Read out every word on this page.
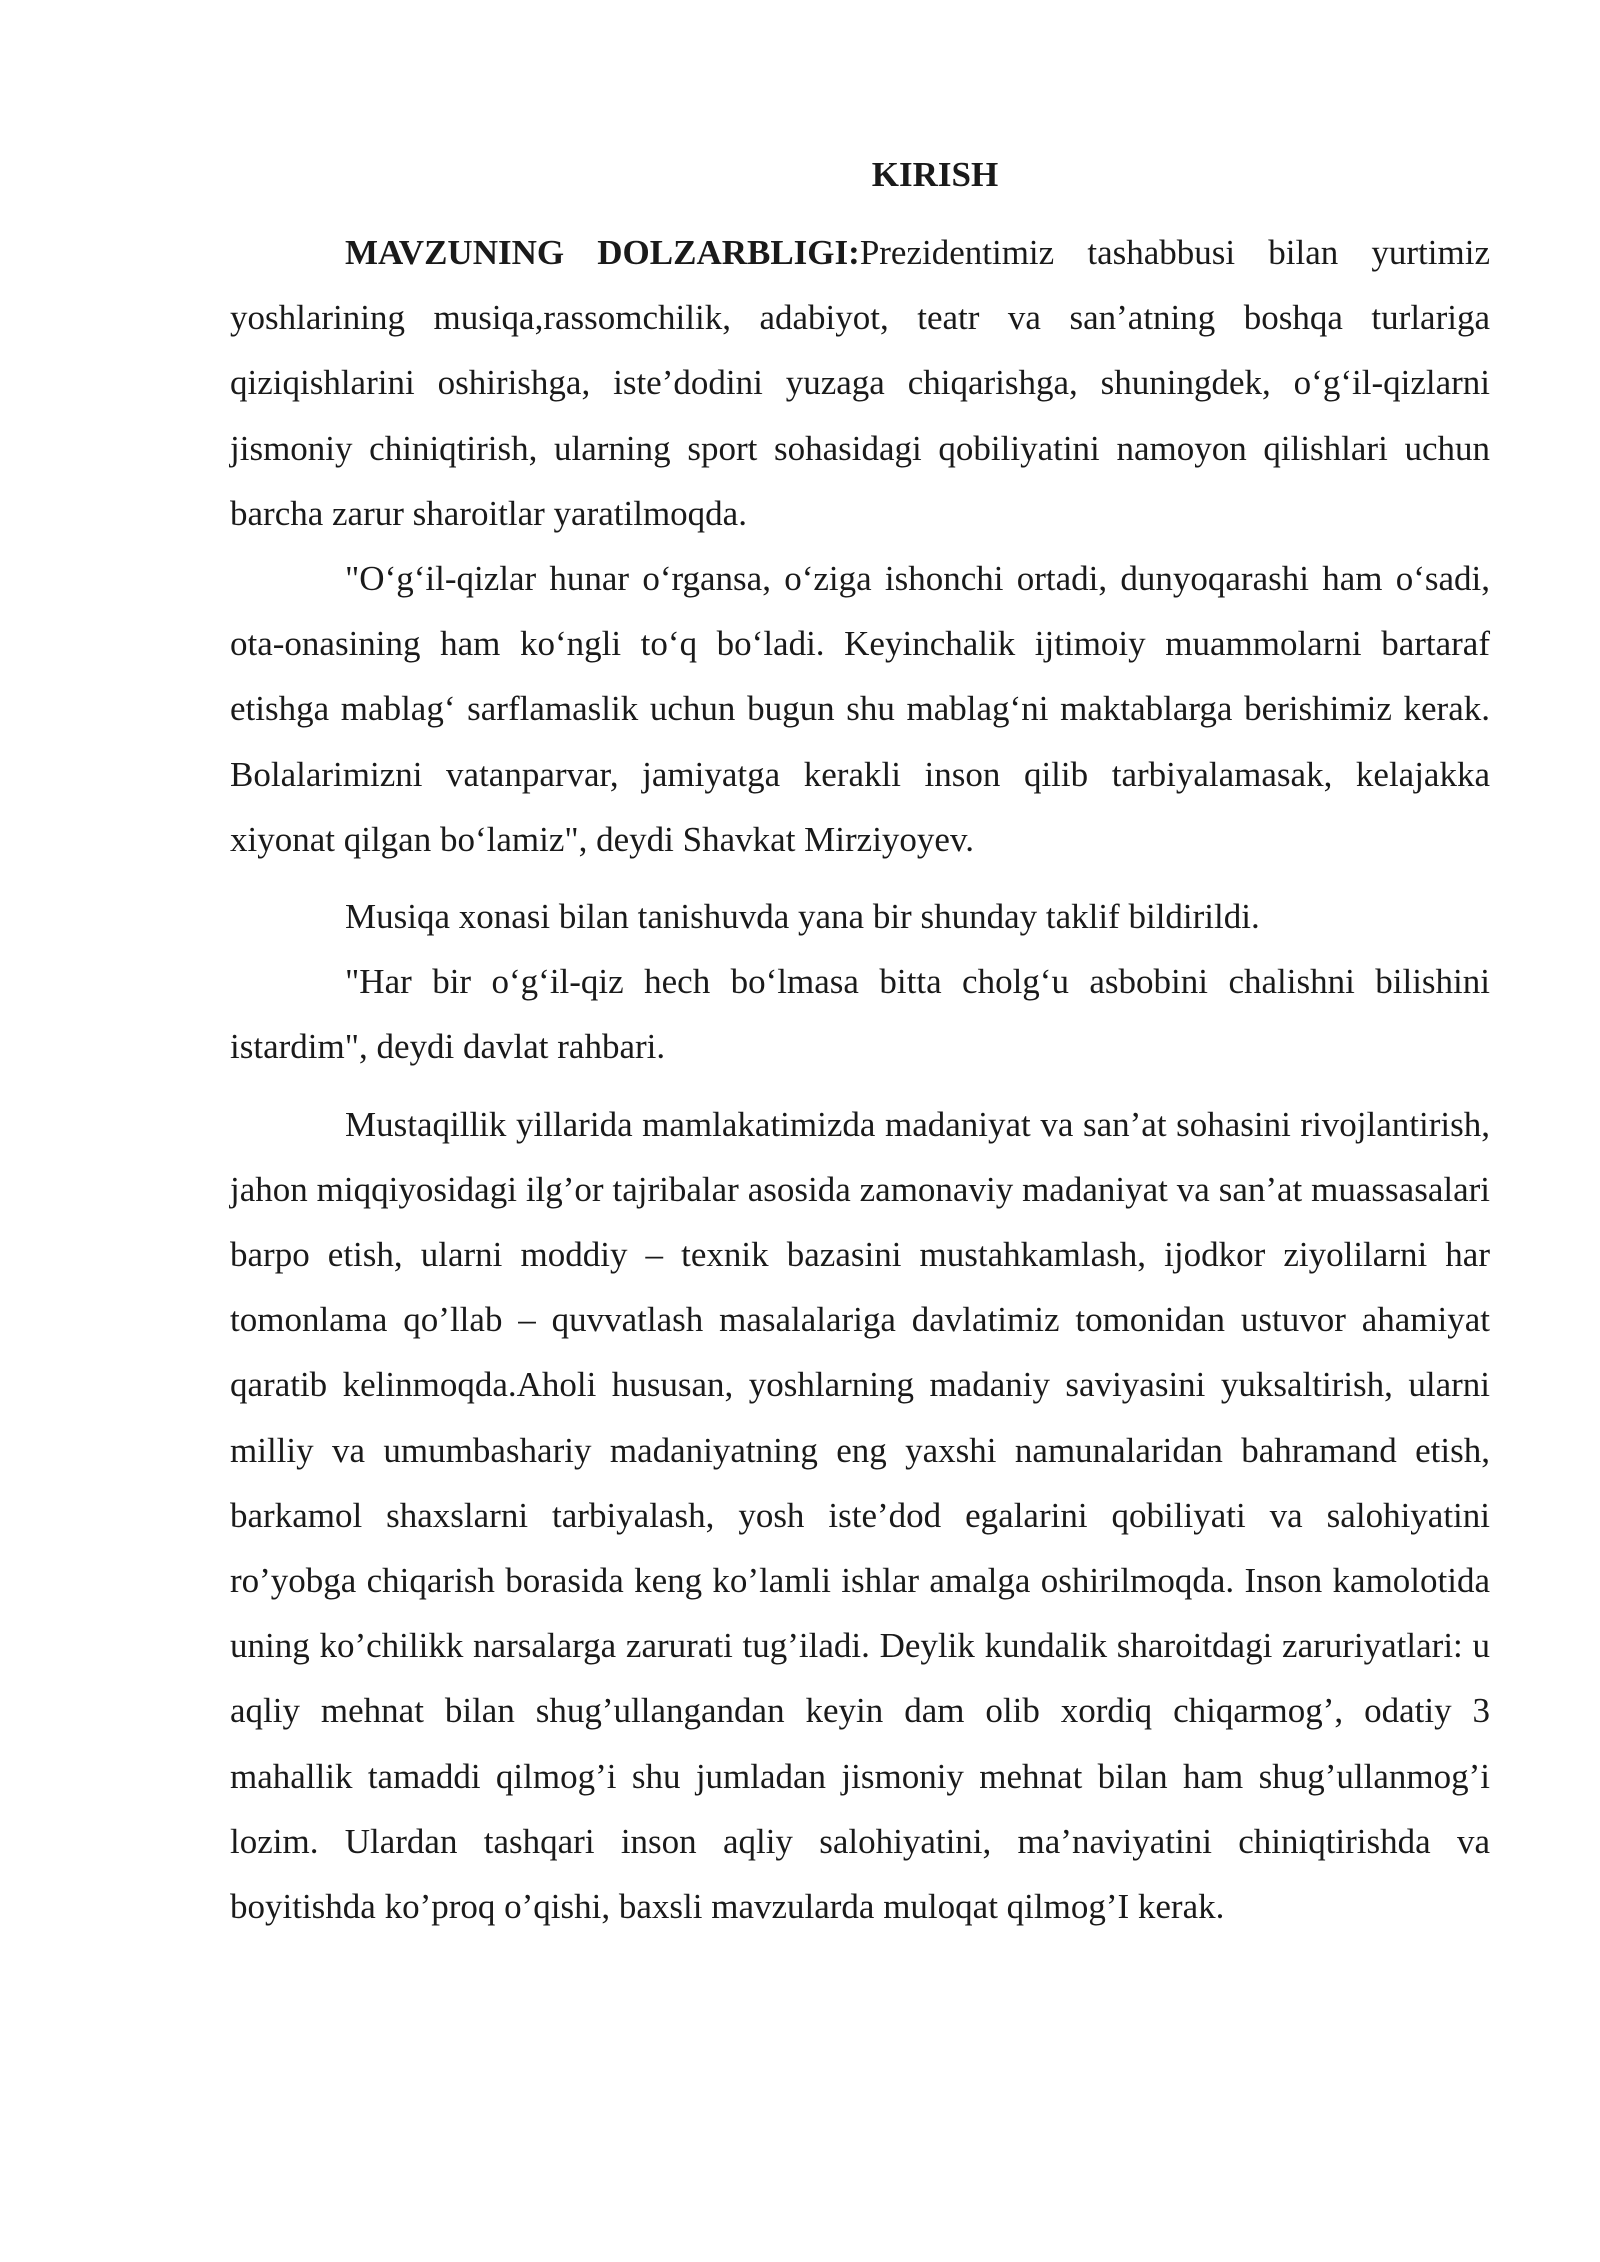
KIRISH

MAVZUNING DOLZARBLIGI:Prezidentimiz tashabbusi bilan yurtimiz yoshlarining musiqa,rassomchilik, adabiyot, teatr va san’atning boshqa turlariga qiziqishlarini oshirishga, iste’dodini yuzaga chiqarishga, shuningdek, o‘g‘il-qizlarni jismoniy chiniqtirish, ularning sport sohasidagi qobiliyatini namoyon qilishlari uchun barcha zarur sharoitlar yaratilmoqda.

"O‘g‘il-qizlar hunar o‘rgansa, o‘ziga ishonchi ortadi, dunyoqarashi ham o‘sadi, ota-onasining ham ko‘ngli to‘q bo‘ladi. Keyinchalik ijtimoiy muammolarni bartaraf etishga mablag‘ sarflamaslik uchun bugun shu mablag‘ni maktablarga berishimiz kerak. Bolalarimizni vatanparvar, jamiyatga kerakli inson qilib tarbiyalamasak, kelajakka xiyonat qilgan bo‘lamiz", deydi Shavkat Mirziyoyev.

Musiqa xonasi bilan tanishuvda yana bir shunday taklif bildirildi.

"Har bir o‘g‘il-qiz hech bo‘lmasa bitta cholg‘u asbobini chalishni bilishini istardim", deydi davlat rahbari.

Mustaqillik yillarida mamlakatimizda madaniyat va san’at sohasini rivojlantirish, jahon miqqiyosidagi ilg’or tajribalar asosida zamonaviy madaniyat va san’at muassasalari barpo etish, ularni moddiy – texnik bazasini mustahkamlash, ijodkor ziyolilarni har tomonlama qo’llab – quvvatlash masalalariga davlatimiz tomonidan ustuvor ahamiyat qaratib kelinmoqda.Aholi hususan, yoshlarning madaniy saviyasini yuksaltirish, ularni milliy va umumbashariy madaniyatning eng yaxshi namunalaridan bahramand etish, barkamol shaxslarni tarbiyalash, yosh iste’dod egalarini qobiliyati va salohiyatini ro’yobga chiqarish borasida keng ko’lamli ishlar amalga oshirilmoqda. Inson kamolotida uning ko’chilikk narsalarga zarurati tug’iladi. Deylik kundalik sharoitdagi zaruriyatlari: u aqliy mehnat bilan shug’ullangandan keyin dam olib xordiq chiqarmog’, odatiy 3 mahallik tamaddi qilmog’i shu jumladan jismoniy mehnat bilan ham shug’ullanmog’i lozim. Ulardan tashqari inson aqliy salohiyatini, ma’naviyatini chiniqtirishda va boyitishda ko’proq o’qishi, baxsli mavzularda muloqat qilmog’I kerak.
